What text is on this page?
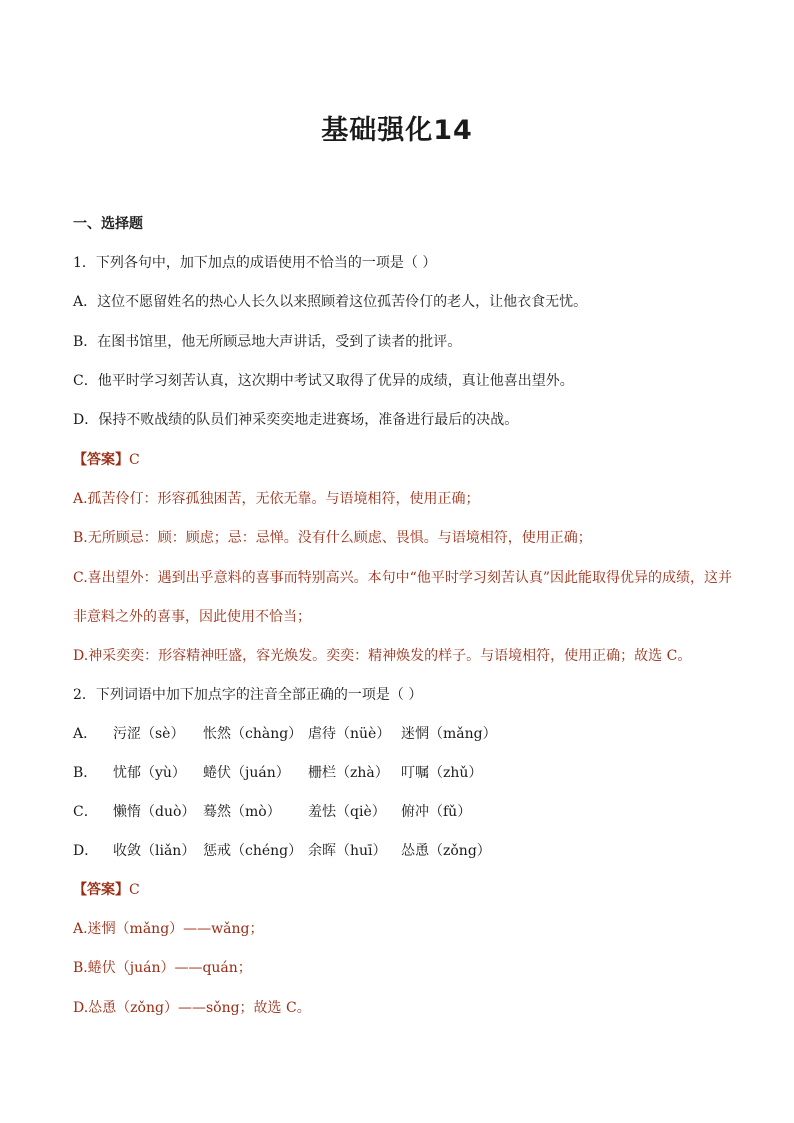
基础强化14
一、选择题
1．下列各句中，加下加点的成语使用不恰当的一项是（ ）
A．这位不愿留姓名的热心人长久以来照顾着这位孤苦伶仃的老人，让他衣食无忧。
B．在图书馆里，他无所顾忌地大声讲话，受到了读者的批评。
C．他平时学习刻苦认真，这次期中考试又取得了优异的成绩，真让他喜出望外。
D．保持不败战绩的队员们神采奕奕地走进赛场，准备进行最后的决战。
【答案】C
A.孤苦伶仃：形容孤独困苦，无依无靠。与语境相符，使用正确；
B.无所顾忌：顾：顾虑；忌：忌惮。没有什么顾虑、畏惧。与语境相符，使用正确；
C.喜出望外：遇到出乎意料的喜事而特别高兴。本句中“他平时学习刻苦认真”因此能取得优异的成绩，这并
非意料之外的喜事，因此使用不恰当；
D.神采奕奕：形容精神旺盛，容光焕发。奕奕：精神焕发的样子。与语境相符，使用正确；故选 C。
2．下列词语中加下加点字的注音全部正确的一项是（ ）
A． 污涩（sè） 怅然（chàng） 虐待（nüè） 迷惘（mǎng）
B． 忧郁（yù） 蜷伏（juán） 栅栏（zhà） 叮嘱（zhǔ）
C． 懒惰（duò） 蓦然（mò） 羞怯（qiè） 俯冲（fǔ）
D． 收敛（liǎn） 惩戒（chéng） 余晖（huī） 怂恿（zǒng）
【答案】C
A.迷惘（mǎng）——wǎng；
B.蜷伏（juán）——quán；
D.怂恿（zǒng）——sǒng；故选 C。
